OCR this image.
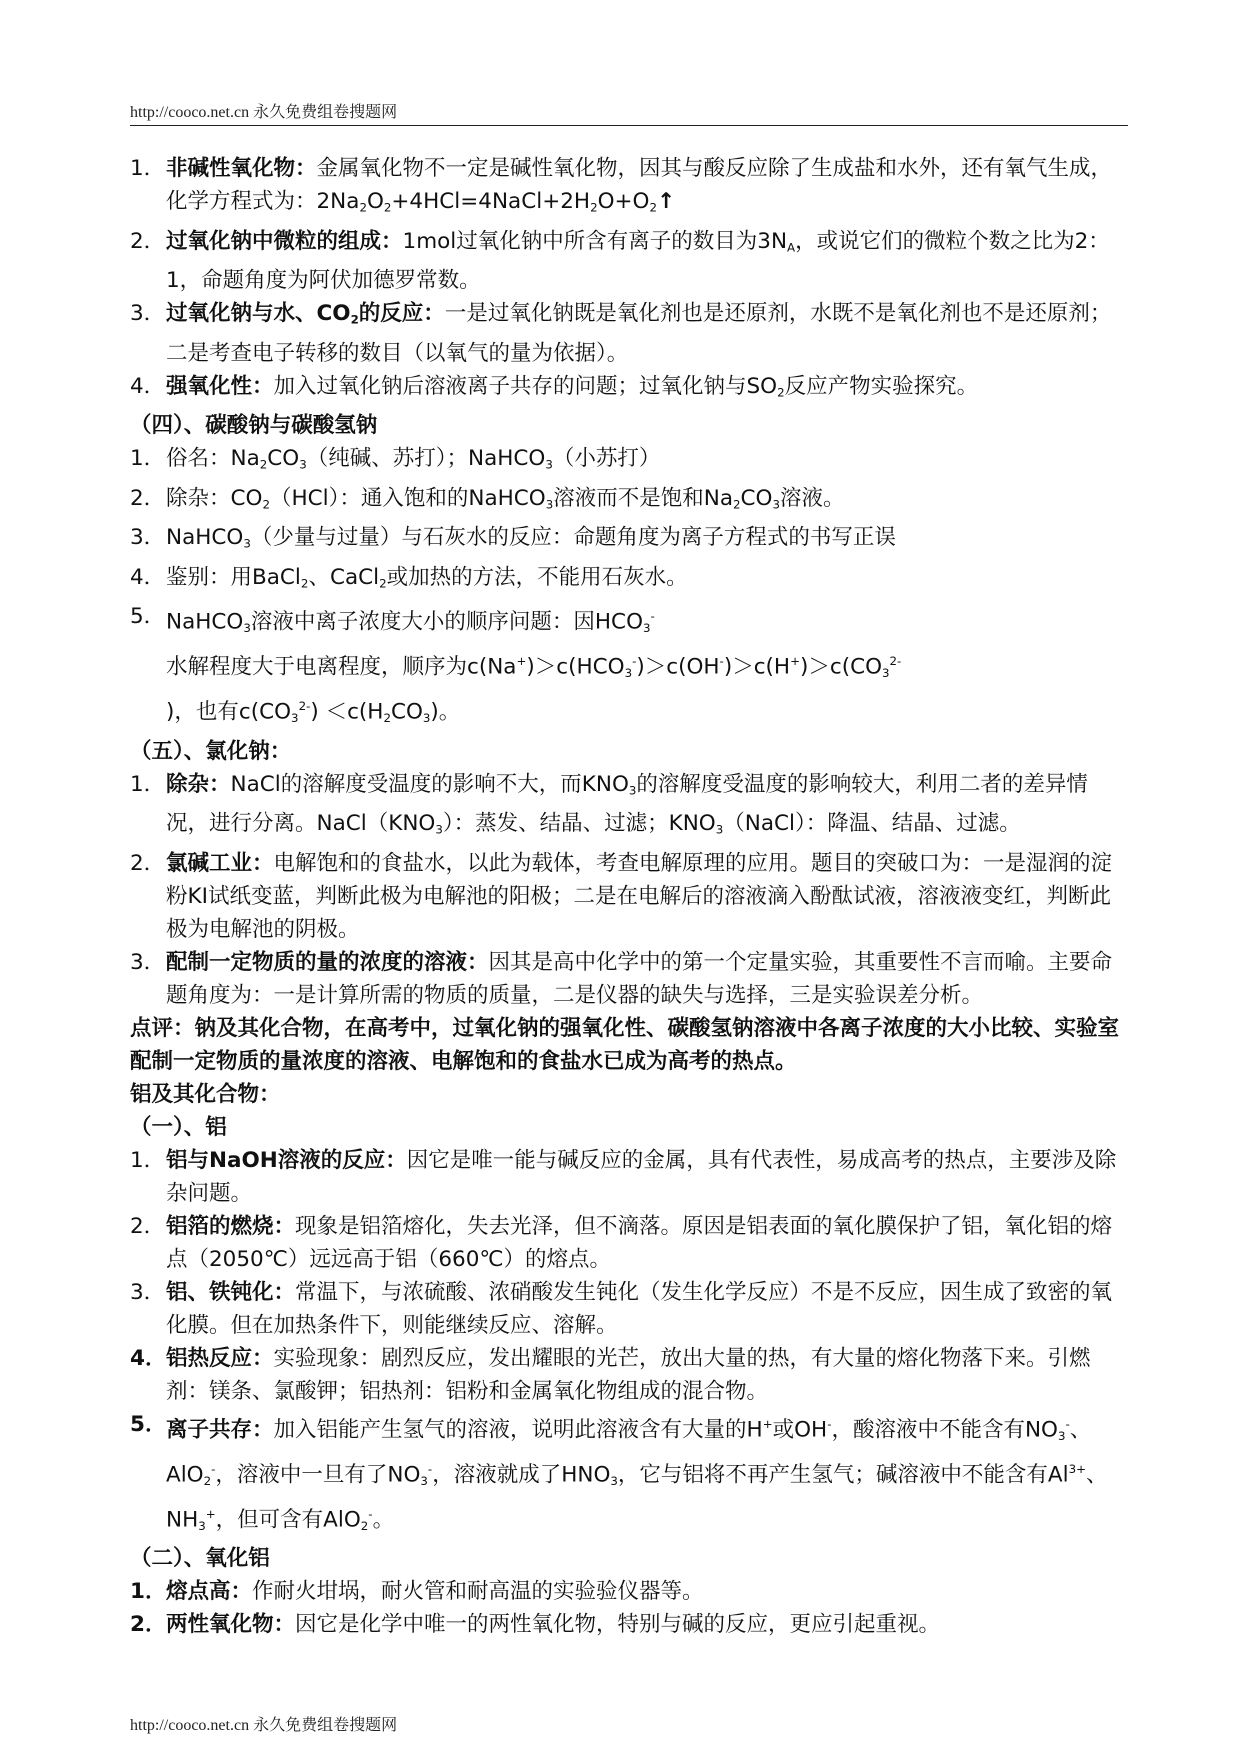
http://cooco.net.cn 永久免费组卷搜题网
1． 非碱性氧化物：金属氧化物不一定是碱性氧化物，因其与酸反应除了生成盐和水外，还有氧气生成，化学方程式为：$2Na_2O_2+4HCl=4NaCl+2H_2O+O_2↑$
2． 过氧化钠中微粒的组成：1mol过氧化钠中所含有离子的数目为$3N_A$，或说它们的微粒个数之比为2：1，命题角度为阿伏加德罗常数。
3． 过氧化钠与水、$CO_2$的反应：一是过氧化钠既是氧化剂也是还原剂，水既不是氧化剂也不是还原剂；二是考查电子转移的数目（以氧气的量为依据）。
4． 强氧化性：加入过氧化钠后溶液离子共存的问题；过氧化钠与$SO_2$反应产物实验探究。
（四）、碳酸钠与碳酸氢钠
1． 俗名：$Na_2CO_3$（纯碱、苏打）；NaHCO$_3$（小苏打）
2． 除杂：$CO_2(HCl)$：通入饱和的NaHCO$_3$溶液而不是饱和$Na_2CO_3$溶液。
3． NaHCO$_3$（少量与过量）与石灰水的反应：命题角度为离子方程式的书写正误
4． 鉴别：用BaCl$_2$、CaCl$_2$或加热的方法，不能用石灰水。
5． NaHCO$_3$溶液中离子浓度大小的顺序问题：因$HCO_3^-$
水解程度大于电离程度，顺序为$c(Na^+)>c(HCO_3^-)>c(OH^-)>c(H^+)>c(CO_3^{2-}$
)，也有$c(CO_3^{2-}) <c(H_2CO_3)$。
（五）、氯化钠：
1． 除杂：NaCl的溶解度受温度的影响不大，而$KNO_3$的溶解度受温度的影响较大，利用二者的差异情况，进行分离。$NaCl(KNO_3)$：蒸发、结晶、过滤；$KNO_3(NaCl)$：降温、结晶、过滤。
2． 氯碱工业：电解饱和的食盐水，以此为载体，考查电解原理的应用。题目的突破口为：一是湿润的淀粉KI试纸变蓝，判断此极为电解池的阳极；二是在电解后的溶液滴入酚酞试液，溶液液变红，判断此极为电解池的阴极。
3． 配制一定物质的量的浓度的溶液：因其是高中化学中的第一个定量实验，其重要性不言而喻。主要命题角度为：一是计算所需的物质的质量，二是仪器的缺失与选择，三是实验误差分析。
点评：钠及其化合物，在高考中，过氧化钠的强氧化性、碳酸氢钠溶液中各离子浓度的大小比较、实验室配制一定物质的量浓度的溶液、电解饱和的食盐水已成为高考的热点。
铝及其化合物：
（一）、铝
1． 铝与NaOH溶液的反应：因它是唯一能与碱反应的金属，具有代表性，易成高考的热点，主要涉及除杂问题。
2． 铝箔的燃烧：现象是铝箔熔化，失去光泽，但不滴落。原因是铝表面的氧化膜保护了铝，氧化铝的熔点（2050℃）远远高于铝（660℃）的熔点。
3． 铝、铁钝化：常温下，与浓硫酸、浓硝酸发生钝化（发生化学反应）不是不反应，因生成了致密的氧化膜。但在加热条件下，则能继续反应、溶解。
4． 铝热反应：实验现象：剧烈反应，发出耀眼的光芒，放出大量的热，有大量的熔化物落下来。引燃剂：镁条、氯酸钾；铝热剂：铝粉和金属氧化物组成的混合物。
5． 离子共存：加入铝能产生氢气的溶液，说明此溶液含有大量的H+或OH-，酸溶液中不能含有$NO_3^-$、AlO$_2$-，溶液中一旦有了$NO_3^-$，溶液就成了$HNO_3$，它与铝将不再产生氢气；碱溶液中不能含有$Al^{3+}$、$NH_3^+$，但可含有AlO$_2$-。
（二）、氧化铝
1． 熔点高：作耐火坩埚，耐火管和耐高温的实验验仪器等。
2． 两性氧化物：因它是化学中唯一的两性氧化物，特别与碱的反应，更应引起重视。
http://cooco.net.cn 永久免费组卷搜题网
